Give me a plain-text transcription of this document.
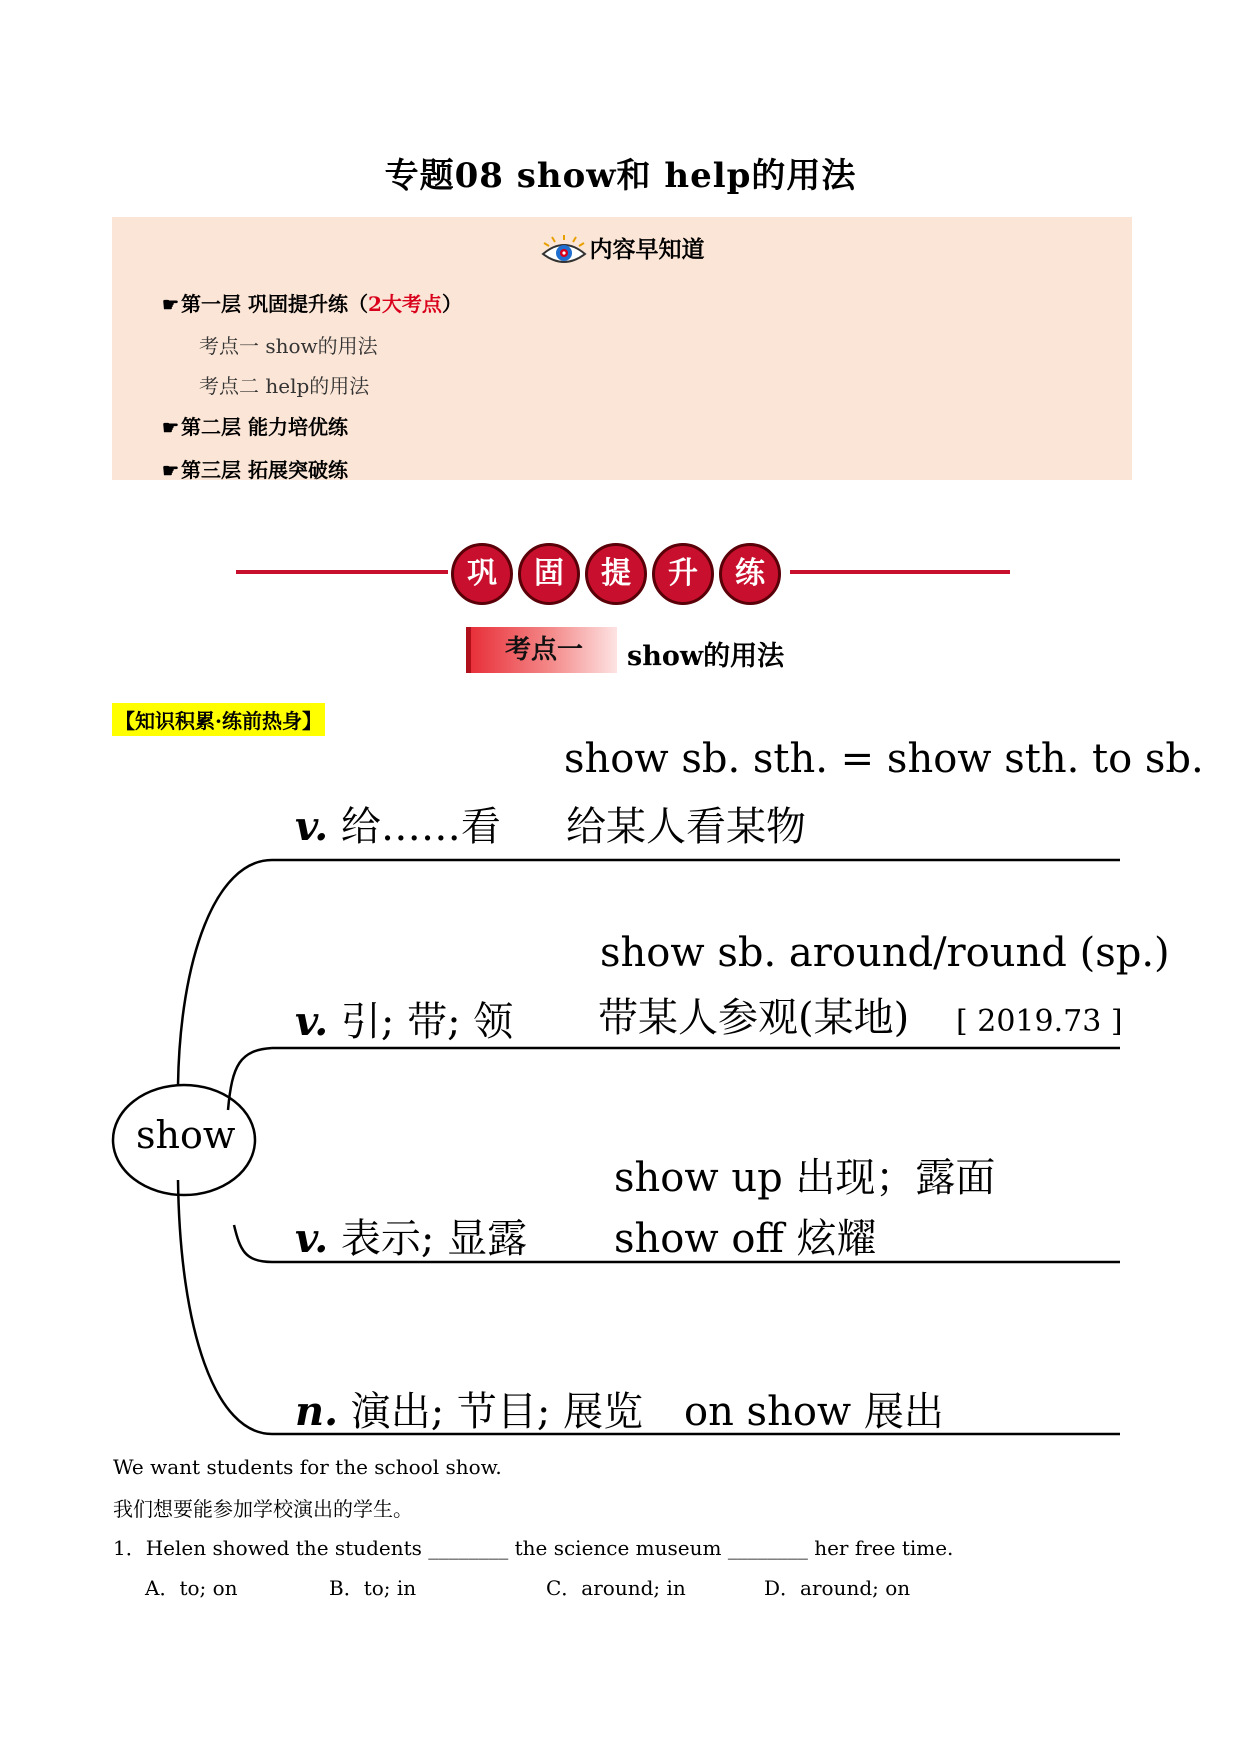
专题08 show和 help的用法
内容早知道
☛ 第一层 巩固提升练（2大考点）
考点一 show的用法
考点二 help的用法
☛ 第二层 能力培优练
☛ 第三层 拓展突破练
巩	固	提	升	练
考点一	show的用法
【知识积累·练前热身】
show
show sb. sth. = show sth. to sb.
v. 给……看 给某人看某物
show sb. around/round (sp.)
v. 引; 带; 领 带某人参观(某地) [ 2019.73 ]
show up 出现；露面
v. 表示; 显露 show off 炫耀
n. 演出; 节目; 展览 on show 展出
We want students for the school show.
我们想要能参加学校演出的学生。
1．Helen showed the students ________ the science museum ________ her free time.
A．to; on	B．to; in	C．around; in	D．around; on
